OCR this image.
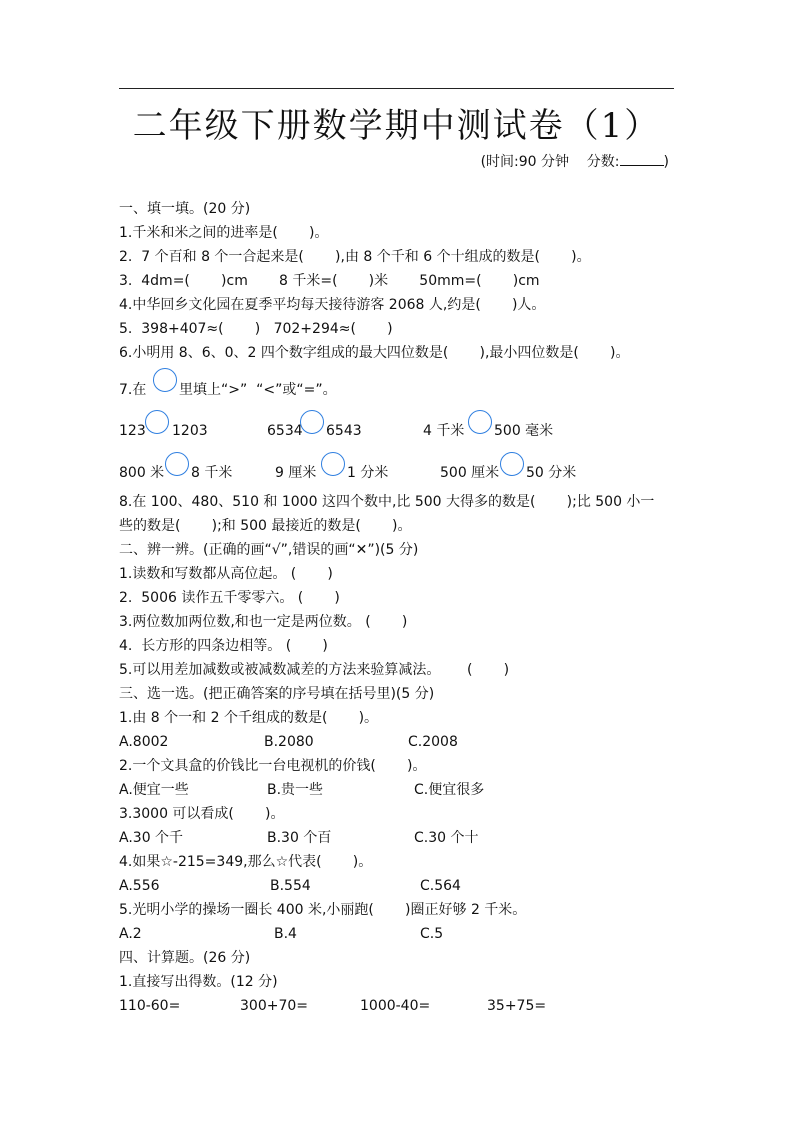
二年级下册数学期中测试卷（1）
(时间:90 分钟    分数:	)
一、填一填。(20 分)
1.千米和米之间的进率是(       )。
2.  7 个百和 8 个一合起来是(       ),由 8 个千和 6 个十组成的数是(       )。
3.  4dm=(       )cm       8 千米=(       )米       50mm=(       )cm
4.中华回乡文化园在夏季平均每天接待游客 2068 人,约是(       )人。
5.  398+407≈(       )   702+294≈(       )
6.小明用 8、6、0、2 四个数字组成的最大四位数是(       ),最小四位数是(       )。
7.在 里填上“>”  “<”或“=”。
123 1203	6534 6543	4 千米 500 毫米
800 米 8 千米	9 厘米 1 分米	500 厘米 50 分米
8.在 100、480、510 和 1000 这四个数中,比 500 大得多的数是(       );比 500 小一
些的数是(       );和 500 最接近的数是(       )。
二、辨一辨。(正确的画“√”,错误的画“✕”)(5 分)
1.读数和写数都从高位起。 (       )
2.  5006 读作五千零零六。 (       )
3.两位数加两位数,和也一定是两位数。 (       )
4.  长方形的四条边相等。 (       )
5.可以用差加减数或被减数减差的方法来验算减法。      (       )
三、选一选。(把正确答案的序号填在括号里)(5 分)
1.由 8 个一和 2 个千组成的数是(       )。
A.8002	B.2080	C.2008
2.一个文具盒的价钱比一台电视机的价钱(       )。
A.便宜一些	B.贵一些	C.便宜很多
3.3000 可以看成(       )。
A.30 个千	B.30 个百	C.30 个十
4.如果☆-215=349,那么☆代表(       )。
A.556	B.554	C.564
5.光明小学的操场一圈长 400 米,小丽跑(       )圈正好够 2 千米。
A.2	B.4	C.5
四、计算题。(26 分)
1.直接写出得数。(12 分)
110-60=	300+70=	1000-40=	35+75=
